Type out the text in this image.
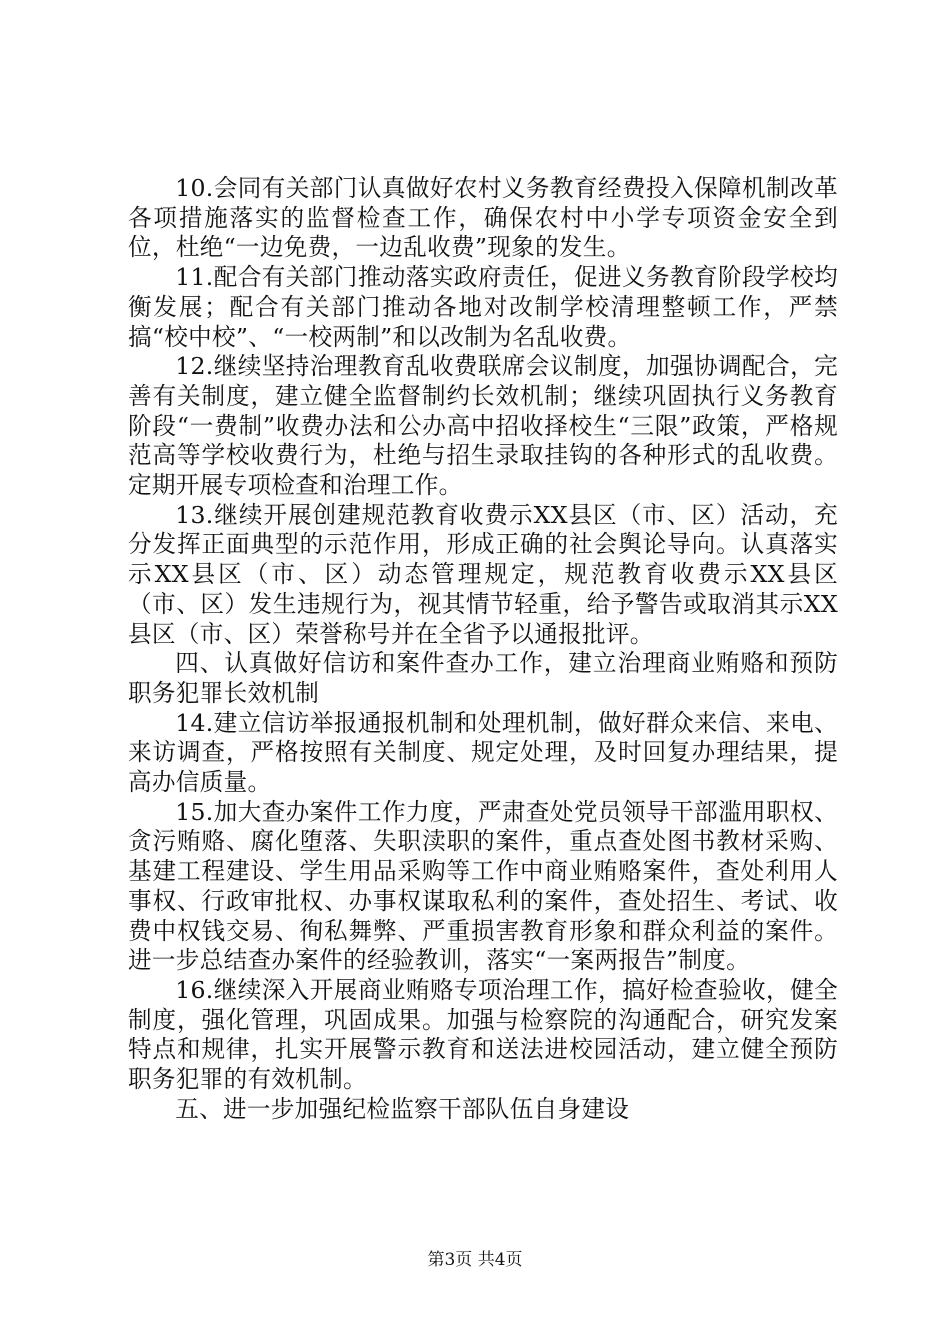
10.会同有关部门认真做好农村义务教育经费投入保障机制改革各项措施落实的监督检查工作，确保农村中小学专项资金安全到位，杜绝“一边免费，一边乱收费”现象的发生。

11.配合有关部门推动落实政府责任，促进义务教育阶段学校均衡发展；配合有关部门推动各地对改制学校清理整顿工作，严禁搞“校中校”、“一校两制”和以改制为名乱收费。

12.继续坚持治理教育乱收费联席会议制度，加强协调配合，完善有关制度，建立健全监督制约长效机制；继续巩固执行义务教育阶段“一费制”收费办法和公办高中招收择校生“三限”政策，严格规范高等学校收费行为，杜绝与招生录取挂钩的各种形式的乱收费。定期开展专项检查和治理工作。

13.继续开展创建规范教育收费示XX县区（市、区）活动，充分发挥正面典型的示范作用，形成正确的社会舆论导向。认真落实示XX县区（市、区）动态管理规定，规范教育收费示XX县区（市、区）发生违规行为，视其情节轻重，给予警告或取消其示XX县区（市、区）荣誉称号并在全省予以通报批评。

四、认真做好信访和案件查办工作，建立治理商业贿赂和预防职务犯罪长效机制

14.建立信访举报通报机制和处理机制，做好群众来信、来电、来访调查，严格按照有关制度、规定处理，及时回复办理结果，提高办信质量。

15.加大查办案件工作力度，严肃查处党员领导干部滥用职权、贪污贿赂、腐化堕落、失职渎职的案件，重点查处图书教材采购、基建工程建设、学生用品采购等工作中商业贿赂案件，查处利用人事权、行政审批权、办事权谋取私利的案件，查处招生、考试、收费中权钱交易、徇私舞弊、严重损害教育形象和群众利益的案件。进一步总结查办案件的经验教训，落实“一案两报告”制度。

16.继续深入开展商业贿赂专项治理工作，搞好检查验收，健全制度，强化管理，巩固成果。加强与检察院的沟通配合，研究发案特点和规律，扎实开展警示教育和送法进校园活动，建立健全预防职务犯罪的有效机制。

五、进一步加强纪检监察干部队伍自身建设

第3页 共4页
